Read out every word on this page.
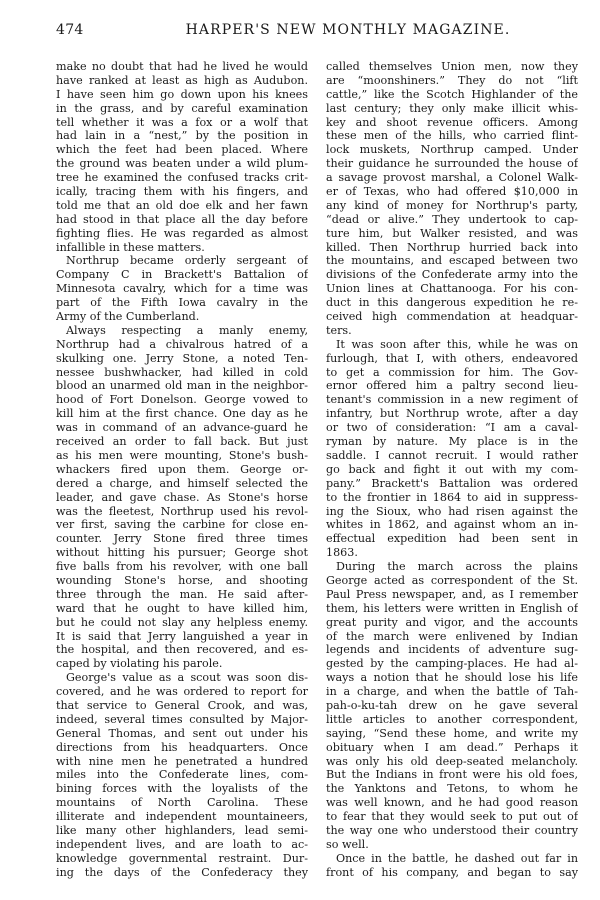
474	HARPER'S NEW MONTHLY MAGAZINE.
make no doubt that had he lived he would
have ranked at least as high as Audubon.
I have seen him go down upon his knees
in the grass, and by careful examination
tell whether it was a fox or a wolf that
had lain in a “nest,” by the position in
which the feet had been placed. Where
the ground was beaten under a wild plum-
tree he examined the confused tracks crit-
ically, tracing them with his fingers, and
told me that an old doe elk and her fawn
had stood in that place all the day before
fighting flies. He was regarded as almost
infallible in these matters.
Northrup became orderly sergeant of
Company C in Brackett's Battalion of
Minnesota cavalry, which for a time was
part of the Fifth Iowa cavalry in the
Army of the Cumberland.
Always respecting a manly enemy,
Northrup had a chivalrous hatred of a
skulking one. Jerry Stone, a noted Ten-
nessee bushwhacker, had killed in cold
blood an unarmed old man in the neighbor-
hood of Fort Donelson. George vowed to
kill him at the first chance. One day as he
was in command of an advance-guard he
received an order to fall back. But just
as his men were mounting, Stone's bush-
whackers fired upon them. George or-
dered a charge, and himself selected the
leader, and gave chase. As Stone's horse
was the fleetest, Northrup used his revol-
ver first, saving the carbine for close en-
counter. Jerry Stone fired three times
without hitting his pursuer; George shot
five balls from his revolver, with one ball
wounding Stone's horse, and shooting
three through the man. He said after-
ward that he ought to have killed him,
but he could not slay any helpless enemy.
It is said that Jerry languished a year in
the hospital, and then recovered, and es-
caped by violating his parole.
George's value as a scout was soon dis-
covered, and he was ordered to report for
that service to General Crook, and was,
indeed, several times consulted by Major-
General Thomas, and sent out under his
directions from his headquarters. Once
with nine men he penetrated a hundred
miles into the Confederate lines, com-
bining forces with the loyalists of the
mountains of North Carolina. These
illiterate and independent mountaineers,
like many other highlanders, lead semi-
independent lives, and are loath to ac-
knowledge governmental restraint. Dur-
ing the days of the Confederacy they
called themselves Union men, now they
are “moonshiners.” They do not “lift
cattle,” like the Scotch Highlander of the
last century; they only make illicit whis-
key and shoot revenue officers. Among
these men of the hills, who carried flint-
lock muskets, Northrup camped. Under
their guidance he surrounded the house of
a savage provost marshal, a Colonel Walk-
er of Texas, who had offered $10,000 in
any kind of money for Northrup's party,
“dead or alive.” They undertook to cap-
ture him, but Walker resisted, and was
killed. Then Northrup hurried back into
the mountains, and escaped between two
divisions of the Confederate army into the
Union lines at Chattanooga. For his con-
duct in this dangerous expedition he re-
ceived high commendation at headquar-
ters.
It was soon after this, while he was on
furlough, that I, with others, endeavored
to get a commission for him. The Gov-
ernor offered him a paltry second lieu-
tenant's commission in a new regiment of
infantry, but Northrup wrote, after a day
or two of consideration: “I am a caval-
ryman by nature. My place is in the
saddle. I cannot recruit. I would rather
go back and fight it out with my com-
pany.” Brackett's Battalion was ordered
to the frontier in 1864 to aid in suppress-
ing the Sioux, who had risen against the
whites in 1862, and against whom an in-
effectual expedition had been sent in
1863.
During the march across the plains
George acted as correspondent of the St.
Paul Press newspaper, and, as I remember
them, his letters were written in English of
great purity and vigor, and the accounts
of the march were enlivened by Indian
legends and incidents of adventure sug-
gested by the camping-places. He had al-
ways a notion that he should lose his life
in a charge, and when the battle of Tah-
pah-o-ku-tah drew on he gave several
little articles to another correspondent,
saying, “Send these home, and write my
obituary when I am dead.” Perhaps it
was only his old deep-seated melancholy.
But the Indians in front were his old foes,
the Yanktons and Tetons, to whom he
was well known, and he had good reason
to fear that they would seek to put out of
the way one who understood their country
so well.
Once in the battle, he dashed out far in
front of his company, and began to say
